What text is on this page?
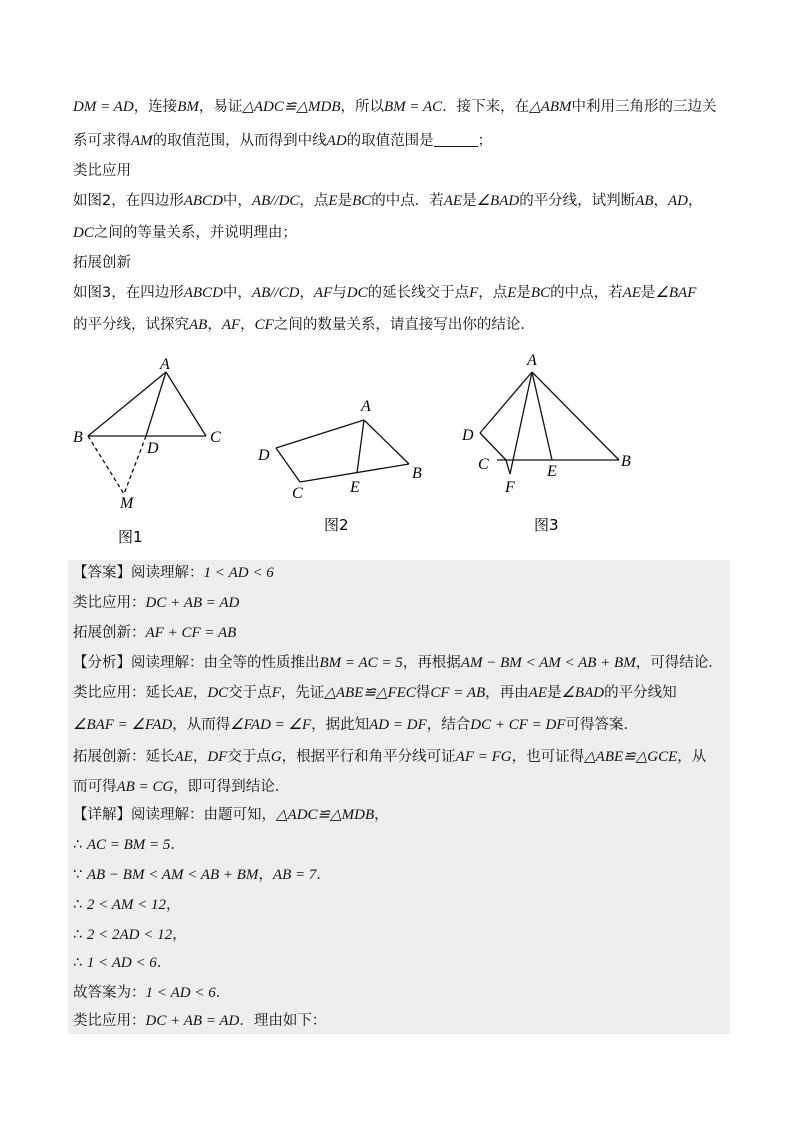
DM = AD，连接BM，易证△ADC≌△MDB，所以BM = AC．接下来，在△ABM中利用三角形的三边关
系可求得AM的取值范围，从而得到中线AD的取值范围是	；
类比应用
如图2，在四边形ABCD中，AB//DC，点E是BC的中点．若AE是∠BAD的平分线，试判断AB，AD，
DC之间的等量关系，并说明理由；
拓展创新
如图3，在四边形ABCD中，AB//CD，AF与DC的延长线交于点F，点E是BC的中点，若AE是∠BAF
的平分线，试探究AB，AF，CF之间的数量关系，请直接写出你的结论．
A
B	C
D
M
图1
A
B
C
D
E
图2
A
B
C
D
E
F
图3
【答案】阅读理解：1 < AD < 6
类比应用：DC + AB = AD
拓展创新：AF + CF = AB
【分析】阅读理解：由全等的性质推出BM = AC = 5，再根据AM − BM < AM < AB + BM，可得结论．
类比应用：延长AE，DC交于点F，先证△ABE≌△FEC得CF = AB，再由AE是∠BAD的平分线知
∠BAF = ∠FAD，从而得∠FAD = ∠F，据此知AD = DF，结合DC + CF = DF可得答案．
拓展创新：延长AE，DF交于点G，根据平行和角平分线可证AF = FG，也可证得△ABE≌△GCE，从
而可得AB = CG，即可得到结论．
【详解】阅读理解：由题可知，△ADC≌△MDB，
∴ AC = BM = 5．
∵ AB − BM < AM < AB + BM，AB = 7．
∴ 2 < AM < 12，
∴ 2 < 2AD < 12，
∴ 1 < AD < 6．
故答案为：1 < AD < 6．
类比应用：DC + AB = AD．理由如下：
